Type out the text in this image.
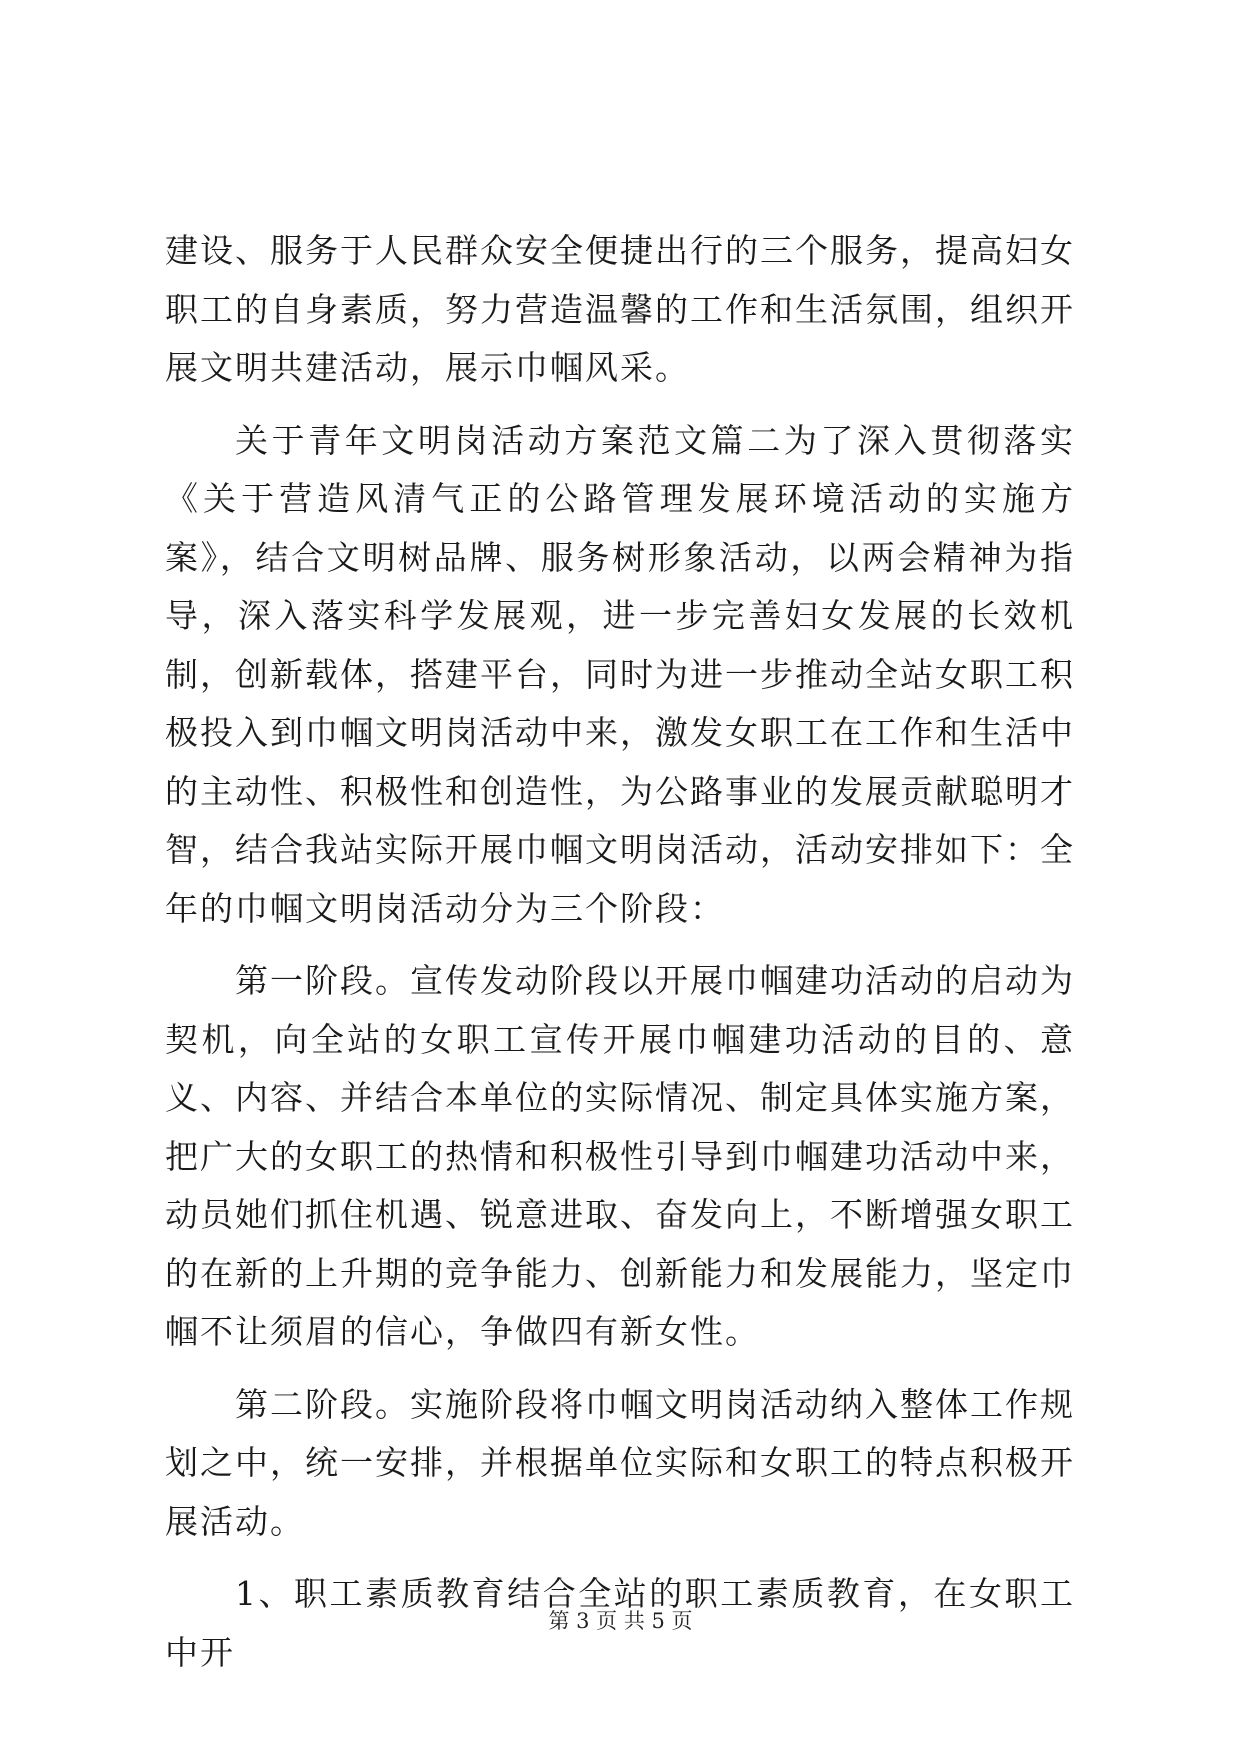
建设、服务于人民群众安全便捷出行的三个服务，提高妇女职工的自身素质，努力营造温馨的工作和生活氛围，组织开展文明共建活动，展示巾帼风采。

关于青年文明岗活动方案范文篇二为了深入贯彻落实《关于营造风清气正的公路管理发展环境活动的实施方案》，结合文明树品牌、服务树形象活动，以两会精神为指导，深入落实科学发展观，进一步完善妇女发展的长效机制，创新载体，搭建平台，同时为进一步推动全站女职工积极投入到巾帼文明岗活动中来，激发女职工在工作和生活中的主动性、积极性和创造性，为公路事业的发展贡献聪明才智，结合我站实际开展巾帼文明岗活动，活动安排如下：全年的巾帼文明岗活动分为三个阶段：

第一阶段。宣传发动阶段以开展巾帼建功活动的启动为契机，向全站的女职工宣传开展巾帼建功活动的目的、意义、内容、并结合本单位的实际情况、制定具体实施方案，把广大的女职工的热情和积极性引导到巾帼建功活动中来，动员她们抓住机遇、锐意进取、奋发向上，不断增强女职工的在新的上升期的竞争能力、创新能力和发展能力，坚定巾帼不让须眉的信心，争做四有新女性。

第二阶段。实施阶段将巾帼文明岗活动纳入整体工作规划之中，统一安排，并根据单位实际和女职工的特点积极开展活动。

1、职工素质教育结合全站的职工素质教育，在女职工中开

第 3 页 共 5 页
